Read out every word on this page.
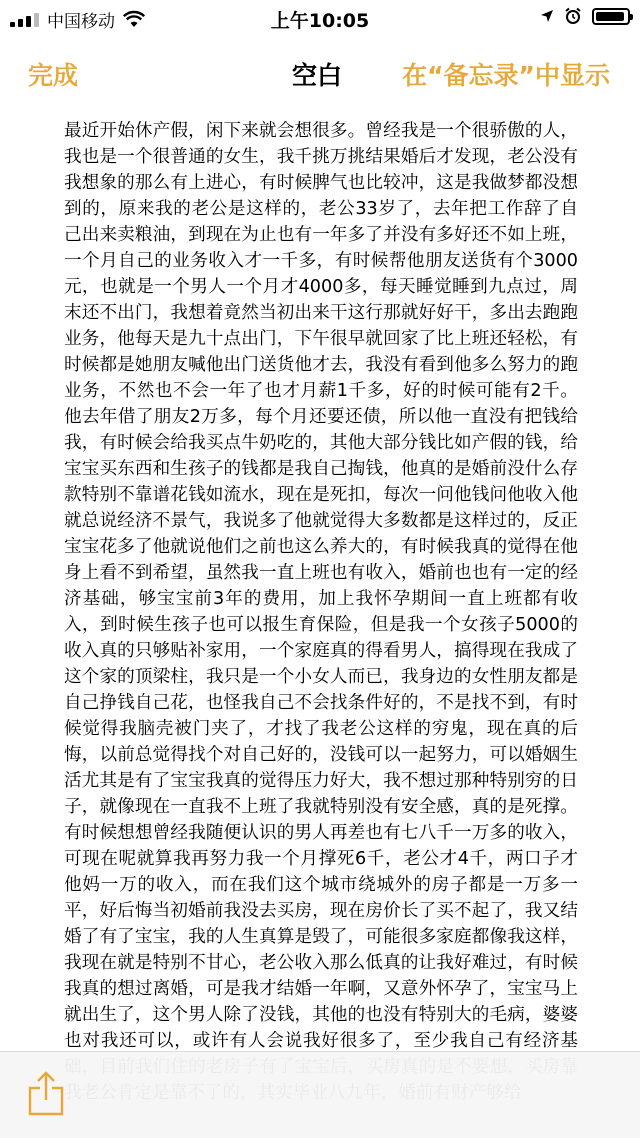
中国移动	上午10:05
完成	空白 在“备忘录”中显示
最近开始休产假，闲下来就会想很多。曾经我是一个很骄傲的人，我也是一个很普通的女生，我千挑万挑结果婚后才发现，老公没有我想象的那么有上进心，有时候脾气也比较冲，这是我做梦都没想到的，原来我的老公是这样的，老公33岁了，去年把工作辞了自己出来卖粮油，到现在为止也有一年多了并没有多好还不如上班，一个月自己的业务收入才一千多，有时候帮他朋友送货有个3000元，也就是一个男人一个月才4000多，每天睡觉睡到九点过，周末还不出门，我想着竟然当初出来干这行那就好好干，多出去跑跑业务，他每天是九十点出门，下午很早就回家了比上班还轻松，有时候都是她朋友喊他出门送货他才去，我没有看到他多么努力的跑业务，不然也不会一年了也才月薪1千多，好的时候可能有2千。他去年借了朋友2万多，每个月还要还债，所以他一直没有把钱给我，有时候会给我买点牛奶吃的，其他大部分钱比如产假的钱，给宝宝买东西和生孩子的钱都是我自己掏钱，他真的是婚前没什么存款特别不靠谱花钱如流水，现在是死扣，每次一问他钱问他收入他就总说经济不景气，我说多了他就觉得大多数都是这样过的，反正宝宝花多了他就说他们之前也这么养大的，有时候我真的觉得在他身上看不到希望，虽然我一直上班也有收入，婚前也也有一定的经济基础，够宝宝前3年的费用，加上我怀孕期间一直上班都有收入，到时候生孩子也可以报生育保险，但是我一个女孩子5000的收入真的只够贴补家用，一个家庭真的得看男人，搞得现在我成了这个家的顶梁柱，我只是一个小女人而已，我身边的女性朋友都是自己挣钱自己花，也怪我自己不会找条件好的，不是找不到，有时候觉得我脑壳被门夹了，才找了我老公这样的穷鬼，现在真的后悔，以前总觉得找个对自己好的，没钱可以一起努力，可以婚姻生活尤其是有了宝宝我真的觉得压力好大，我不想过那种特别穷的日子，就像现在一直我不上班了我就特别没有安全感，真的是死撑。有时候想想曾经我随便认识的男人再差也有七八千一万多的收入，可现在呢就算我再努力我一个月撑死6千，老公才4千，两口子才他妈一万的收入，而在我们这个城市绕城外的房子都是一万多一平，好后悔当初婚前我没去买房，现在房价长了买不起了，我又结婚了有了宝宝，我的人生真算是毁了，可能很多家庭都像我这样，我现在就是特别不甘心，老公收入那么低真的让我好难过，有时候我真的想过离婚，可是我才结婚一年啊，又意外怀孕了，宝宝马上就出生了，这个男人除了没钱，其他的也没有特别大的毛病，婆婆也对我还可以，或许有人会说我好很多了，至少我自己有经济基
